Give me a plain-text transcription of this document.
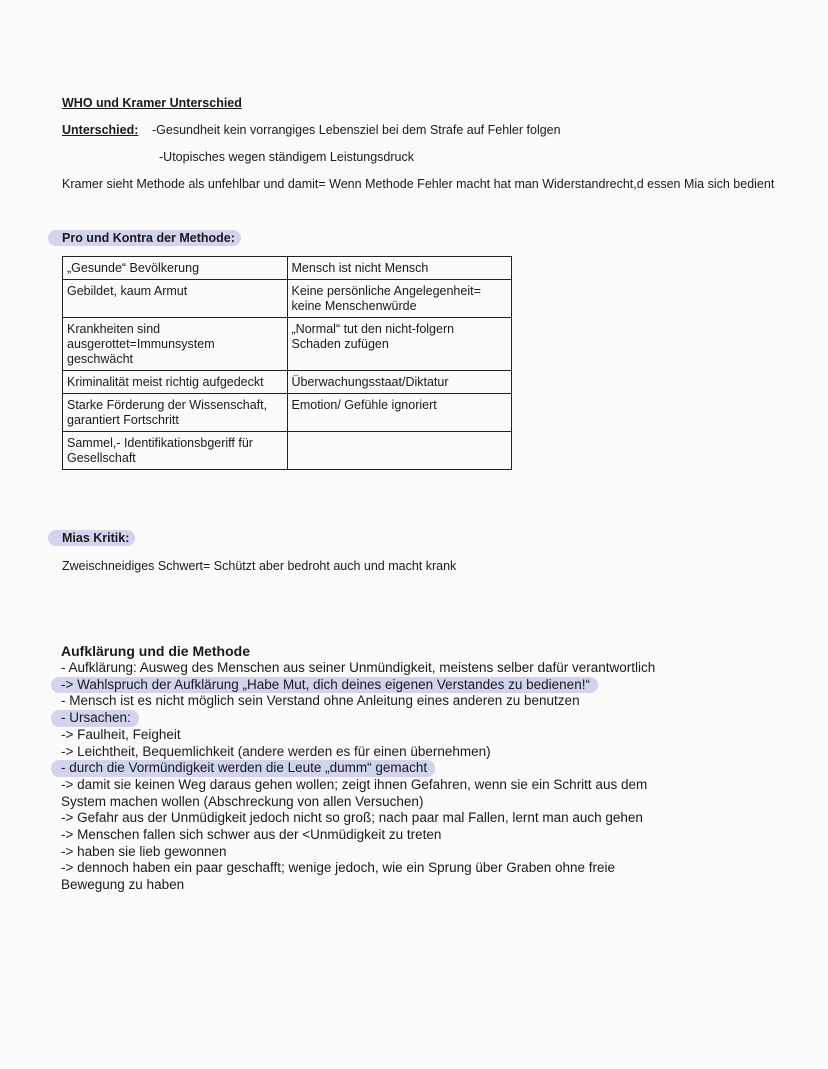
WHO und Kramer Unterschied
Unterschied: -Gesundheit kein vorrangiges Lebensziel bei dem Strafe auf Fehler folgen
-Utopisches wegen ständigem Leistungsdruck
Kramer sieht Methode als unfehlbar und damit= Wenn Methode Fehler macht hat man Widerstandrecht,d essen Mia sich bedient
Pro und Kontra der Methode:
„Gesunde“ Bevölkerung	Mensch ist nicht Mensch
Gebildet, kaum Armut	Keine persönliche Angelegenheit=
keine Menschenwürde
Krankheiten sind
ausgerottet=Immunsystem
geschwächt	„Normal“ tut den nicht-folgern
Schaden zufügen
Kriminalität meist richtig aufgedeckt	Überwachungsstaat/Diktatur
Starke Förderung der Wissenschaft,
garantiert Fortschritt	Emotion/ Gefühle ignoriert
Sammel,- Identifikationsbgeriff für
Gesellschaft	
Mias Kritik:
Zweischneidiges Schwert= Schützt aber bedroht auch und macht krank
Aufklärung und die Methode
- Aufklärung: Ausweg des Menschen aus seiner Unmündigkeit, meistens selber dafür verantwortlich
-> Wahlspruch der Aufklärung „Habe Mut, dich deines eigenen Verstandes zu bedienen!“
- Mensch ist es nicht möglich sein Verstand ohne Anleitung eines anderen zu benutzen
- Ursachen:
-> Faulheit, Feigheit
-> Leichtheit, Bequemlichkeit (andere werden es für einen übernehmen)
- durch die Vormündigkeit werden die Leute „dumm“ gemacht
-> damit sie keinen Weg daraus gehen wollen; zeigt ihnen Gefahren, wenn sie ein Schritt aus dem
System machen wollen (Abschreckung von allen Versuchen)
-> Gefahr aus der Unmüdigkeit jedoch nicht so groß; nach paar mal Fallen, lernt man auch gehen
-> Menschen fallen sich schwer aus der <Unmüdigkeit zu treten
-> haben sie lieb gewonnen
-> dennoch haben ein paar geschafft; wenige jedoch, wie ein Sprung über Graben ohne freie
Bewegung zu haben
